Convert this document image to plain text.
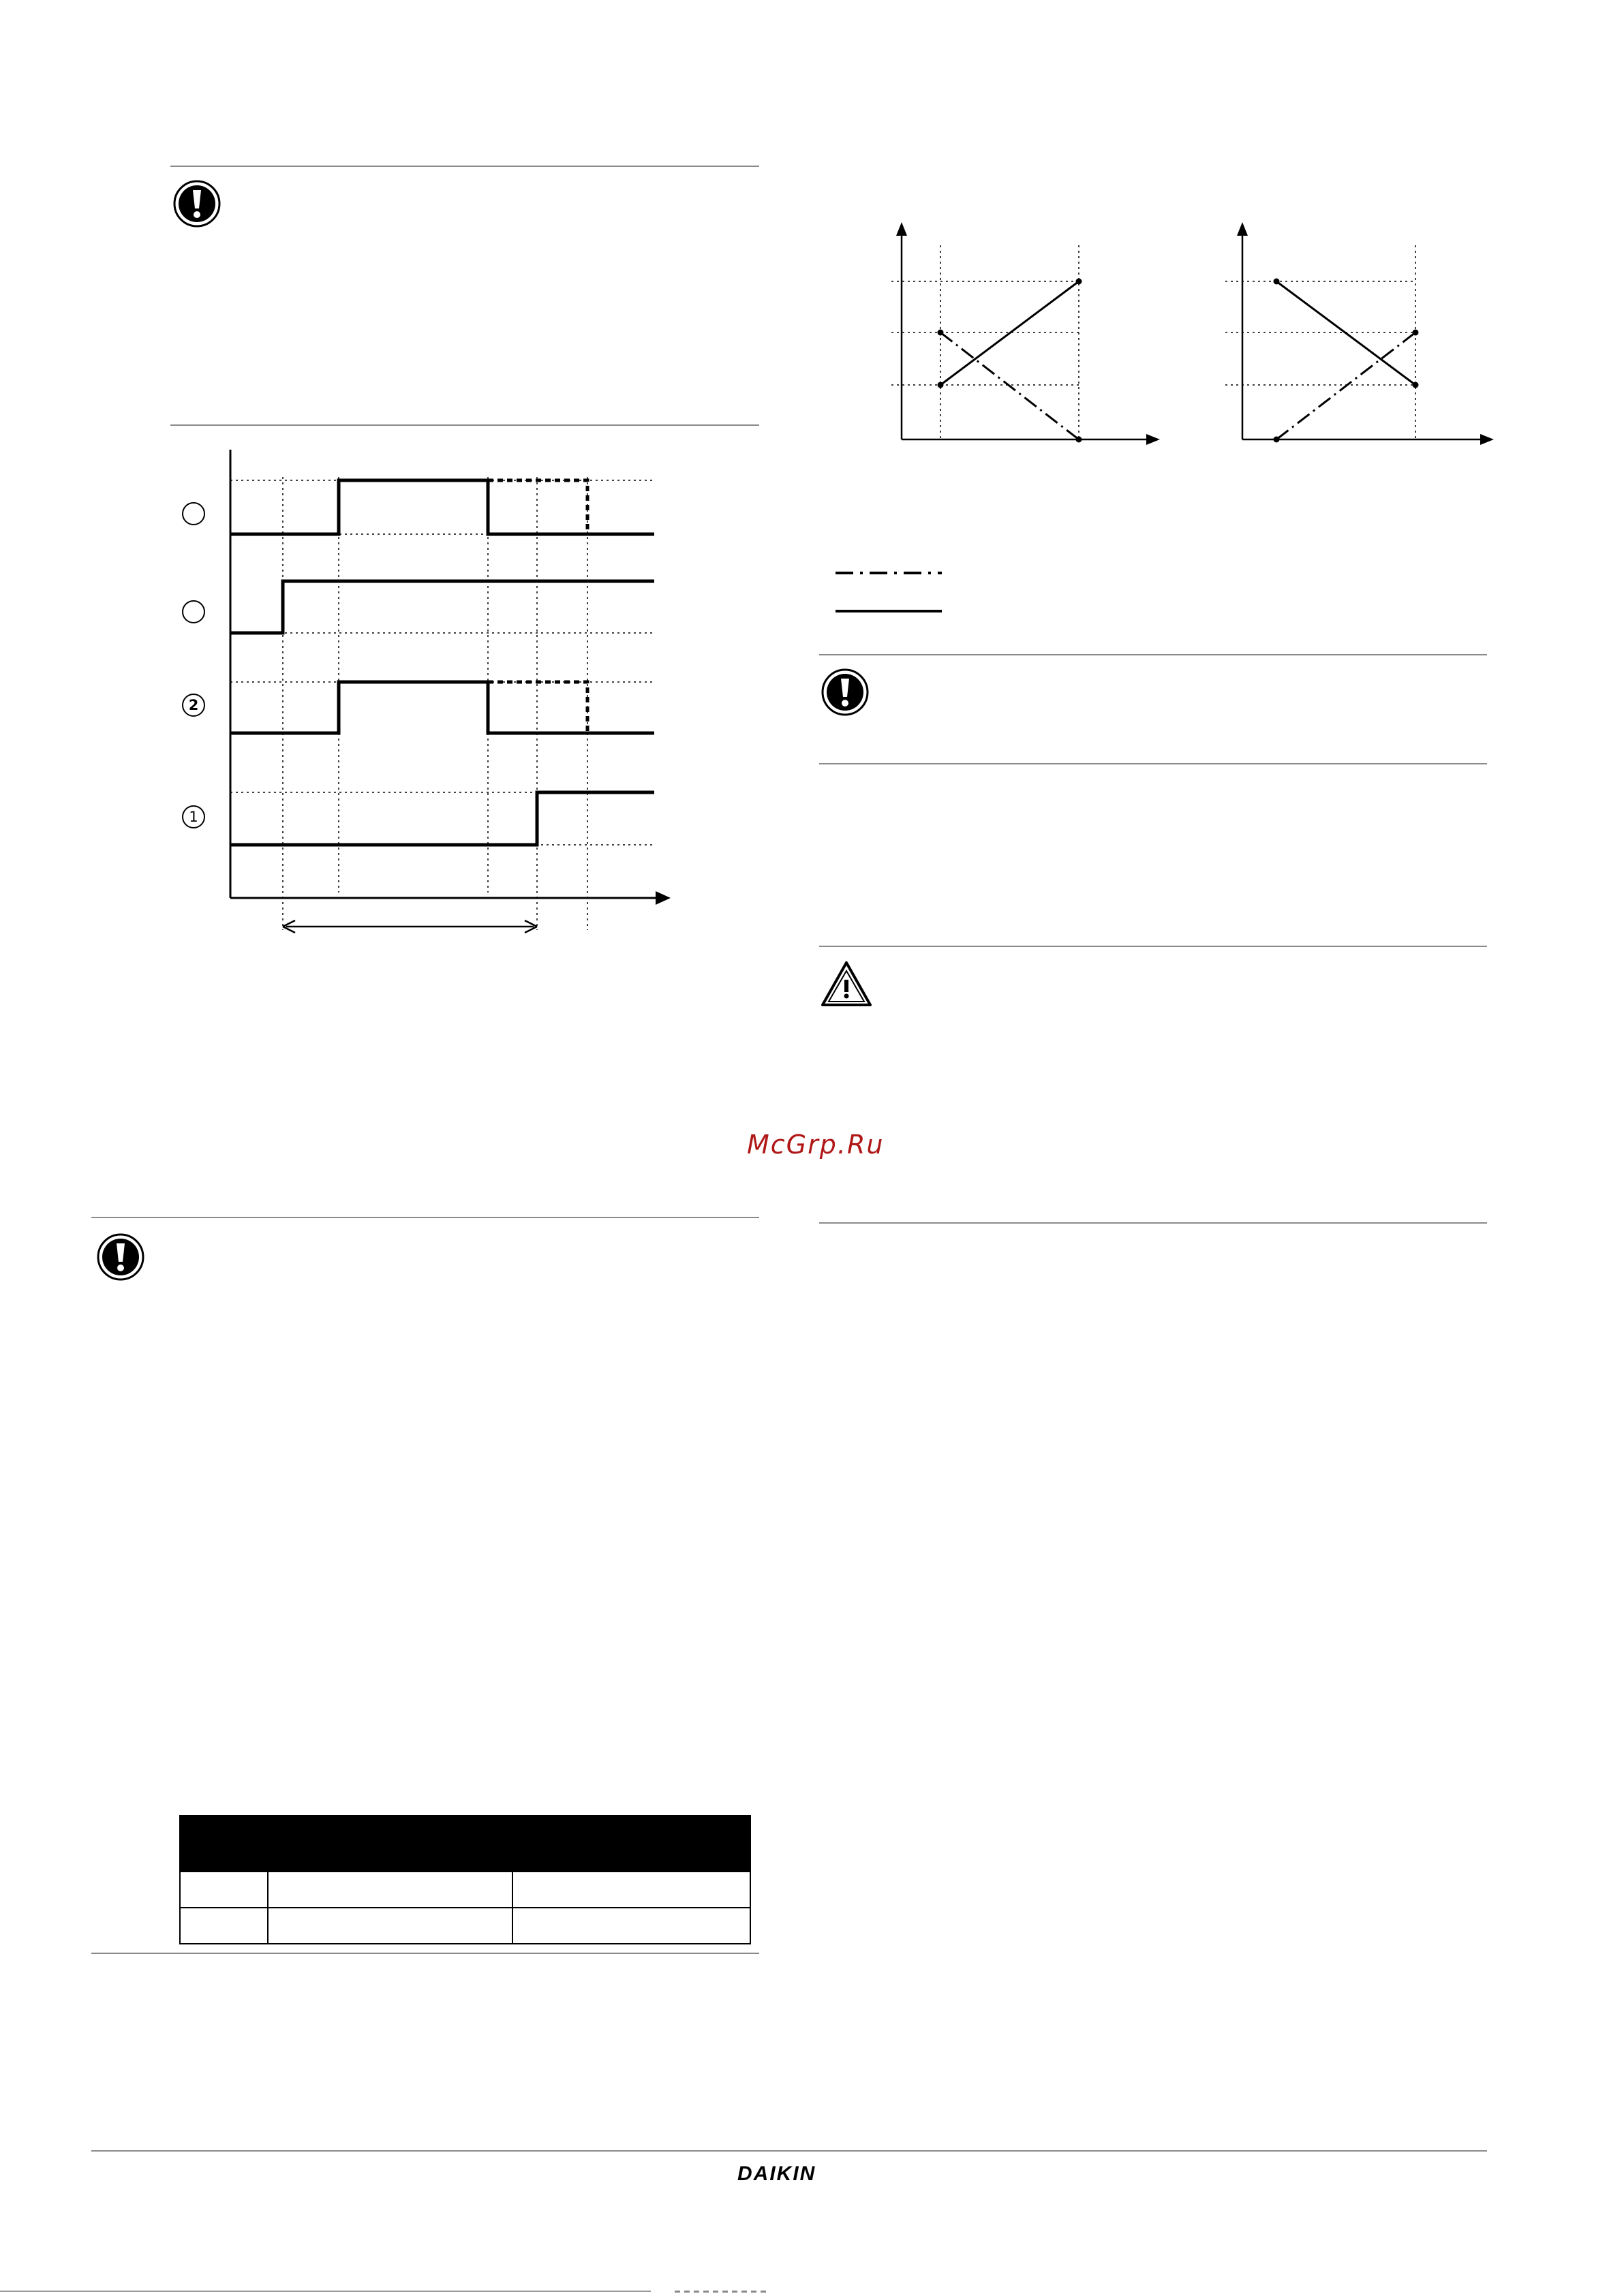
2
1
McGrp.Ru

DAIKIN
